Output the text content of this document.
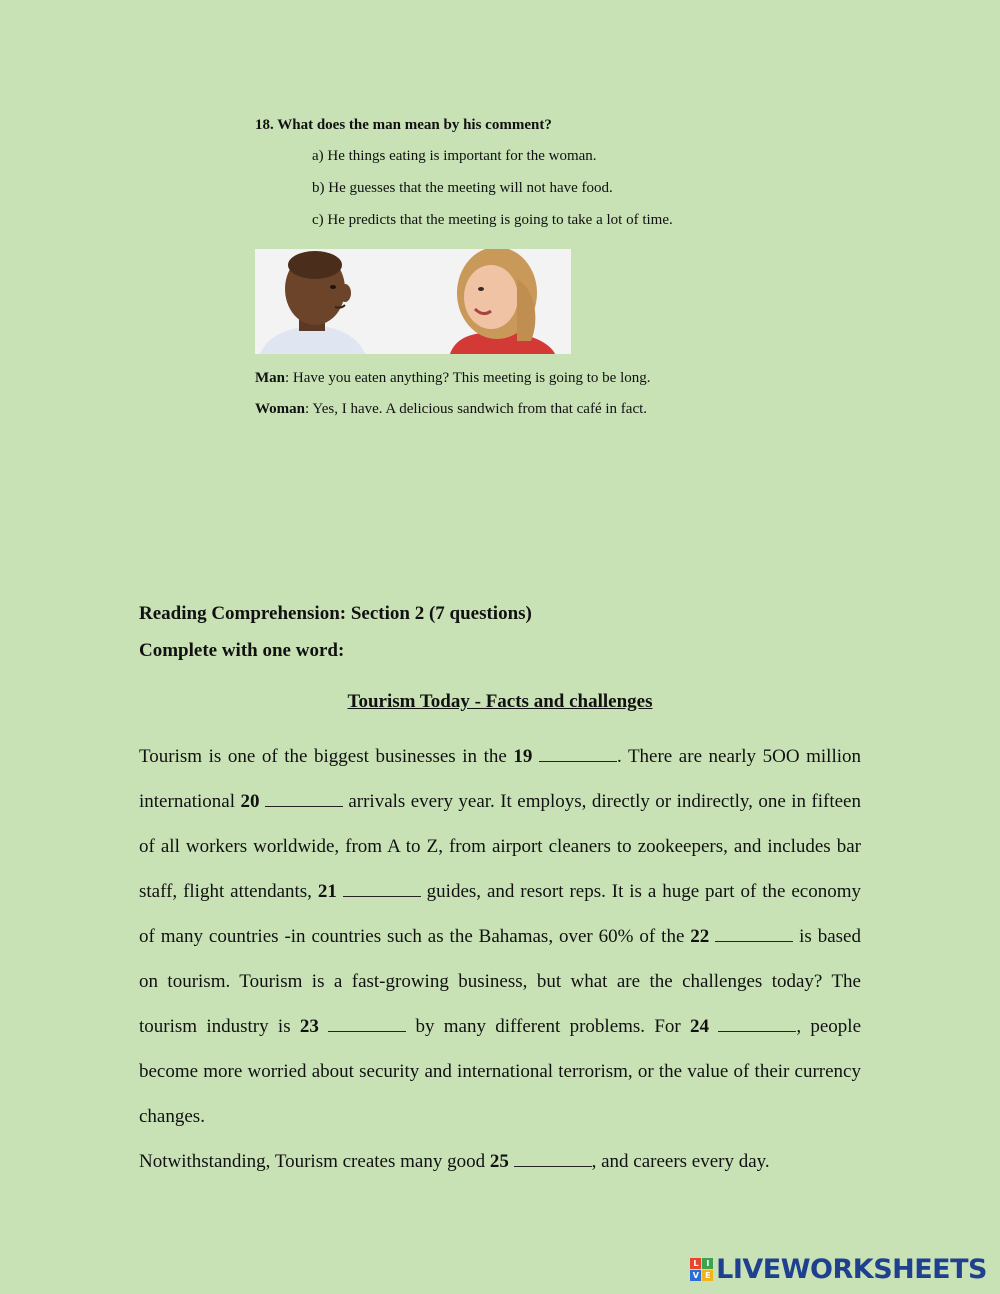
18. What does the man mean by his comment?

a) He things eating is important for the woman.

b) He guesses that the meeting will not have food.

c) He predicts that the meeting is going to take a lot of time.

Man: Have you eaten anything? This meeting is going to be long.

Woman: Yes, I have. A delicious sandwich from that café in fact.

Reading Comprehension: Section 2 (7 questions)

Complete with one word:

Tourism Today - Facts and challenges

Tourism is one of the biggest businesses in the 19	. There are nearly 5OO million international 20	arrivals every year. It employs, directly or indirectly, one in fifteen of all workers worldwide, from A to Z, from airport cleaners to zookeepers, and includes bar staff, flight attendants, 21	guides, and resort reps. It is a huge part of the economy of many countries -in countries such as the Bahamas, over 60% of the 22	is based on tourism. Tourism is a fast-growing business, but what are the challenges today? The tourism industry is 23	by many different problems. For 24	, people become more worried about security and international terrorism, or the value of their currency changes.

Notwithstanding, Tourism creates many good 25	, and careers every day.

L	I
V E LIVEWORKSHEETS
